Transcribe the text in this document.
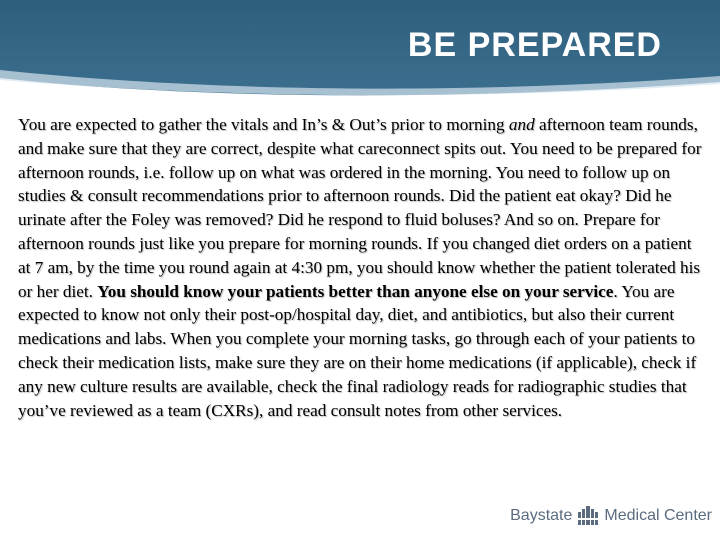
BE PREPARED

You are expected to gather the vitals and In’s & Out’s prior to morning and afternoon team rounds, and make sure that they are correct, despite what careconnect spits out. You need to be prepared for afternoon rounds, i.e. follow up on what was ordered in the morning. You need to follow up on studies & consult recommendations prior to afternoon rounds. Did the patient eat okay? Did he urinate after the Foley was removed? Did he respond to fluid boluses? And so on. Prepare for afternoon rounds just like you prepare for morning rounds. If you changed diet orders on a patient at 7 am, by the time you round again at 4:30 pm, you should know whether the patient tolerated his or her diet. You should know your patients better than anyone else on your service. You are expected to know not only their post-op/hospital day, diet, and antibiotics, but also their current medications and labs. When you complete your morning tasks, go through each of your patients to check their medication lists, make sure they are on their home medications (if applicable), check if any new culture results are available, check the final radiology reads for radiographic studies that you’ve reviewed as a team (CXRs), and read consult notes from other services.

Baystate Medical Center
